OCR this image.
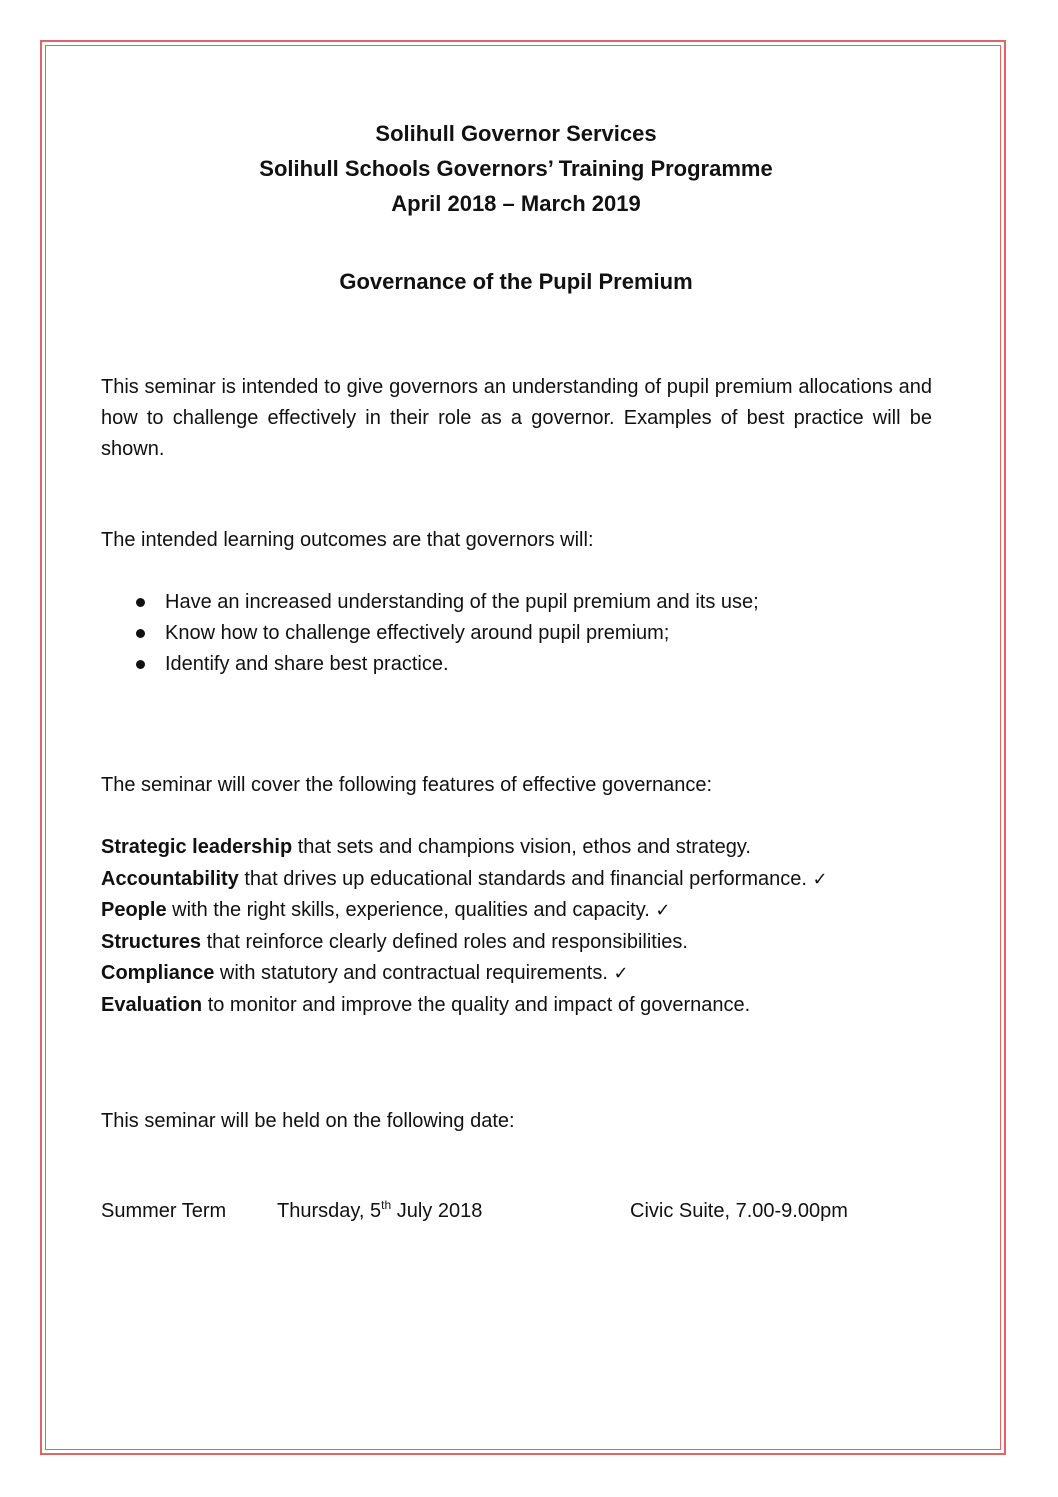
Solihull Governor Services
Solihull Schools Governors’ Training Programme
April 2018 – March 2019
Governance of the Pupil Premium

This seminar is intended to give governors an understanding of pupil premium allocations and how to challenge effectively in their role as a governor. Examples of best practice will be shown.

The intended learning outcomes are that governors will:

Have an increased understanding of the pupil premium and its use;
Know how to challenge effectively around pupil premium;
Identify and share best practice.

The seminar will cover the following features of effective governance:

Strategic leadership that sets and champions vision, ethos and strategy.
Accountability that drives up educational standards and financial performance. ✓
People with the right skills, experience, qualities and capacity. ✓
Structures that reinforce clearly defined roles and responsibilities.
Compliance with statutory and contractual requirements. ✓
Evaluation to monitor and improve the quality and impact of governance.

This seminar will be held on the following date:

Summer Term	Thursday, 5th July 2018	Civic Suite, 7.00-9.00pm
